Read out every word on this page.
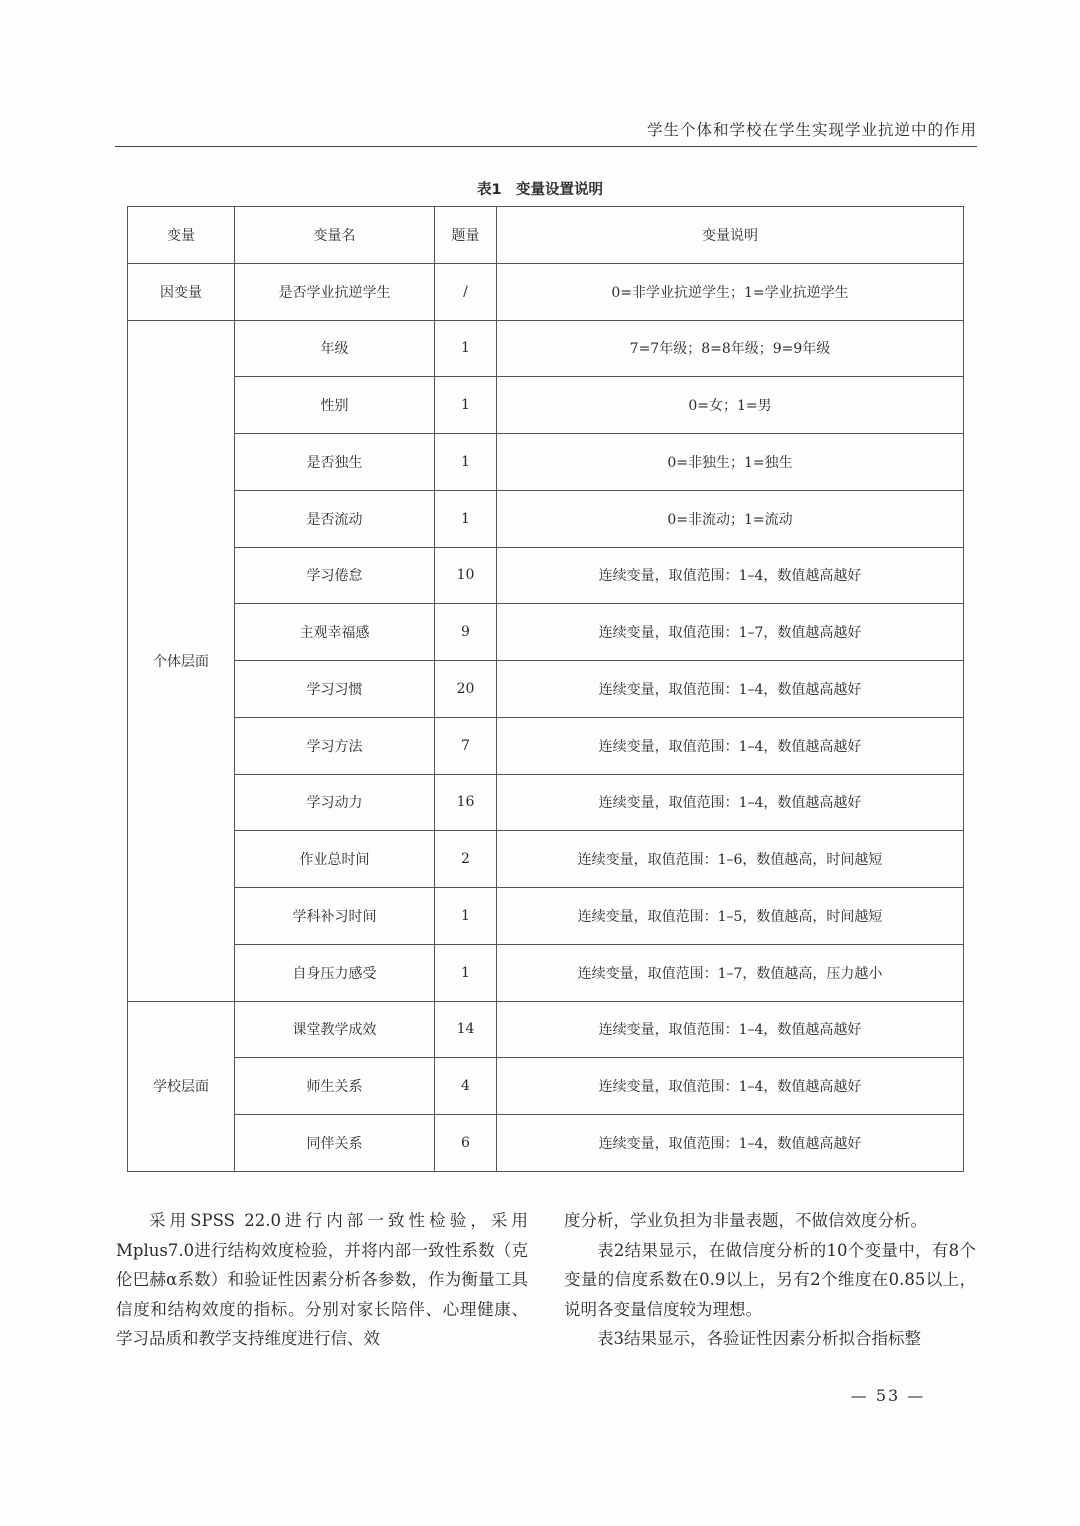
学生个体和学校在学生实现学业抗逆中的作用
表1　变量设置说明
变量	变量名	题量	变量说明
因变量	是否学业抗逆学生	/	0=非学业抗逆学生；1=学业抗逆学生
个体层面	年级	1	7=7年级；8=8年级；9=9年级
	性别	1	0=女；1=男
	是否独生	1	0=非独生；1=独生
	是否流动	1	0=非流动；1=流动
	学习倦怠	10	连续变量，取值范围：1–4，数值越高越好
	主观幸福感	9	连续变量，取值范围：1–7，数值越高越好
	学习习惯	20	连续变量，取值范围：1–4，数值越高越好
	学习方法	7	连续变量，取值范围：1–4，数值越高越好
	学习动力	16	连续变量，取值范围：1–4，数值越高越好
	作业总时间	2	连续变量，取值范围：1–6，数值越高，时间越短
	学科补习时间	1	连续变量，取值范围：1–5，数值越高，时间越短
	自身压力感受	1	连续变量，取值范围：1–7，数值越高，压力越小
学校层面	课堂教学成效	14	连续变量，取值范围：1–4，数值越高越好
	师生关系	4	连续变量，取值范围：1–4，数值越高越好
	同伴关系	6	连续变量，取值范围：1–4，数值越高越好

采用SPSS 22.0进行内部一致性检验，采用Mplus7.0进行结构效度检验，并将内部一致性系数（克伦巴赫α系数）和验证性因素分析各参数，作为衡量工具信度和结构效度的指标。分别对家长陪伴、心理健康、学习品质和教学支持维度进行信、效

度分析，学业负担为非量表题，不做信效度分析。

表2结果显示，在做信度分析的10个变量中，有8个变量的信度系数在0.9以上，另有2个维度在0.85以上，说明各变量信度较为理想。

表3结果显示，各验证性因素分析拟合指标整

— 53 —
